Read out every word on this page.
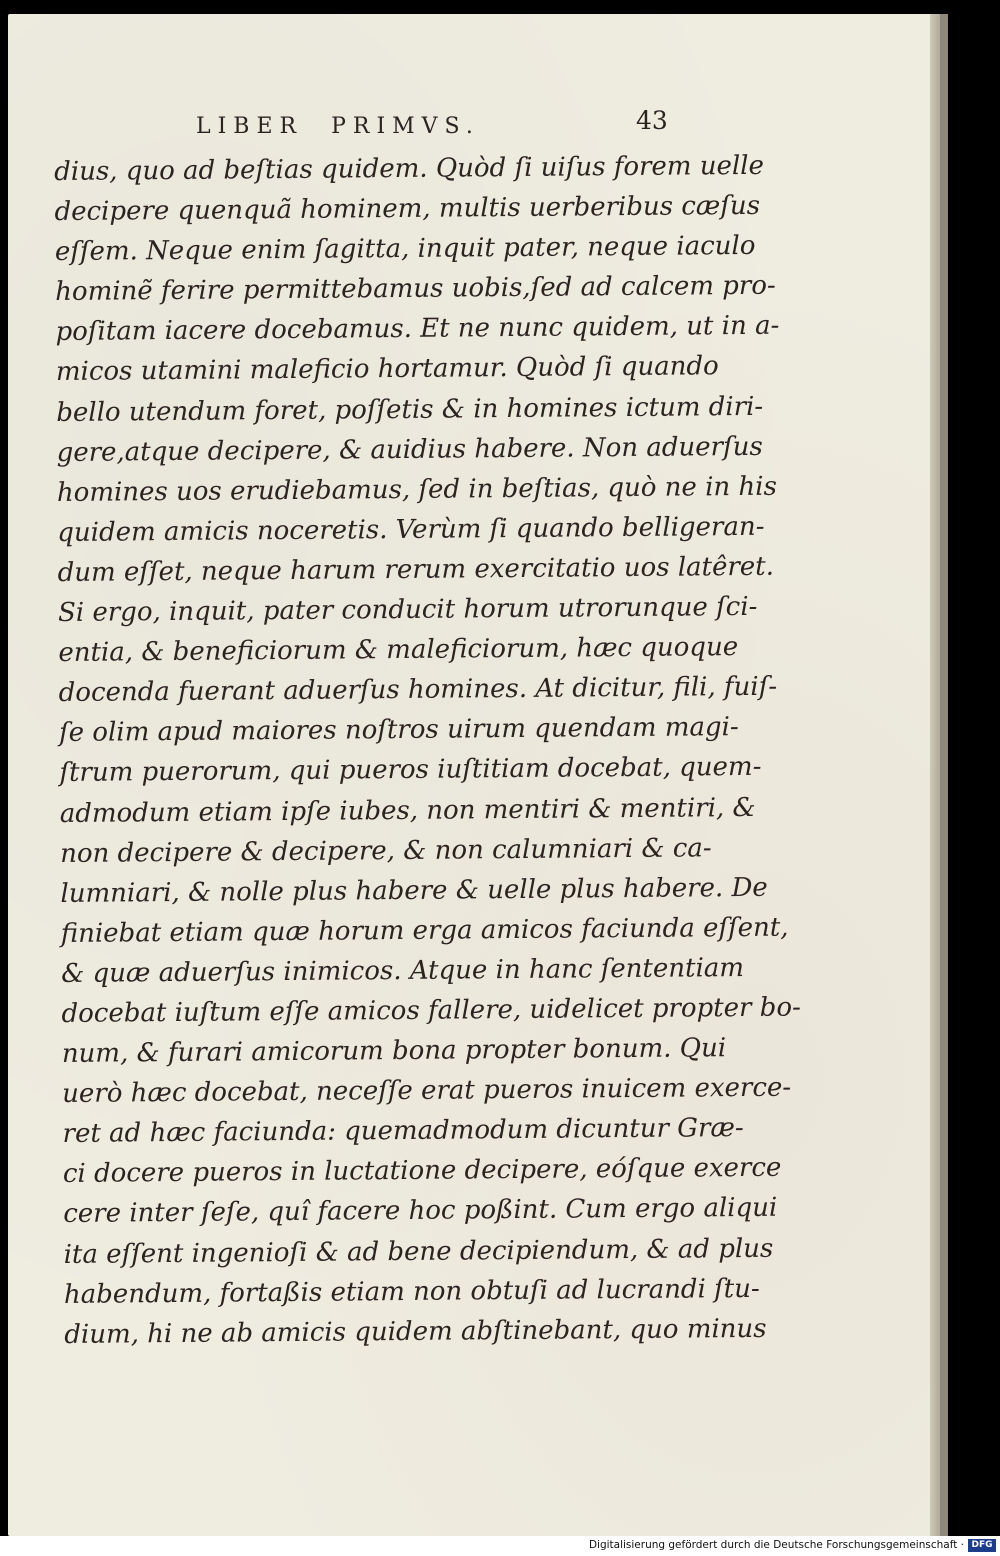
LIBER  PRIMVS.	43
dius, quo ad beſtias quidem. Quòd ſi uiſus forem uelle
decipere quenquã hominem, multis uerberibus cæſus
eſſem. Neque enim ſagitta, inquit pater, neque iaculo
hominẽ ferire permittebamus uobis,ſed ad calcem pro-
poſitam iacere docebamus. Et ne nunc quidem, ut in a-
micos utamini maleficio hortamur. Quòd ſi quando
bello utendum foret, poſſetis & in homines ictum diri-
gere,atque decipere, & auidius habere. Non aduerſus
homines uos erudiebamus, ſed in beſtias, quò ne in his
quidem amicis noceretis. Verùm ſi quando belligeran-
dum eſſet, neque harum rerum exercitatio uos latêret.
Si ergo, inquit, pater conducit horum utrorunque ſci-
entia, & beneficiorum & maleficiorum, hæc quoque
docenda fuerant aduerſus homines. At dicitur, fili, fuiſ-
ſe olim apud maiores noſtros uirum quendam magi-
ſtrum puerorum, qui pueros iuſtitiam docebat, quem-
admodum etiam ipſe iubes, non mentiri & mentiri, &
non decipere & decipere, & non calumniari & ca-
lumniari, & nolle plus habere & uelle plus habere. De
finiebat etiam quæ horum erga amicos faciunda eſſent,
& quæ aduerſus inimicos. Atque in hanc ſententiam
docebat iuſtum eſſe amicos fallere, uidelicet propter bo-
num, & furari amicorum bona propter bonum. Qui
uerò hæc docebat, neceſſe erat pueros inuicem exerce-
ret ad hæc faciunda: quemadmodum dicuntur Græ-
ci docere pueros in luctatione decipere, eóſque exerce
cere inter ſeſe, quî facere hoc poßint. Cum ergo aliqui
ita eſſent ingenioſi & ad bene decipiendum, & ad plus
habendum, fortaßis etiam non obtuſi ad lucrandi ſtu-
dium, hi ne ab amicis quidem abſtinebant, quo minus
Digitalisierung gefördert durch die Deutsche Forschungsgemeinschaft · DFG
